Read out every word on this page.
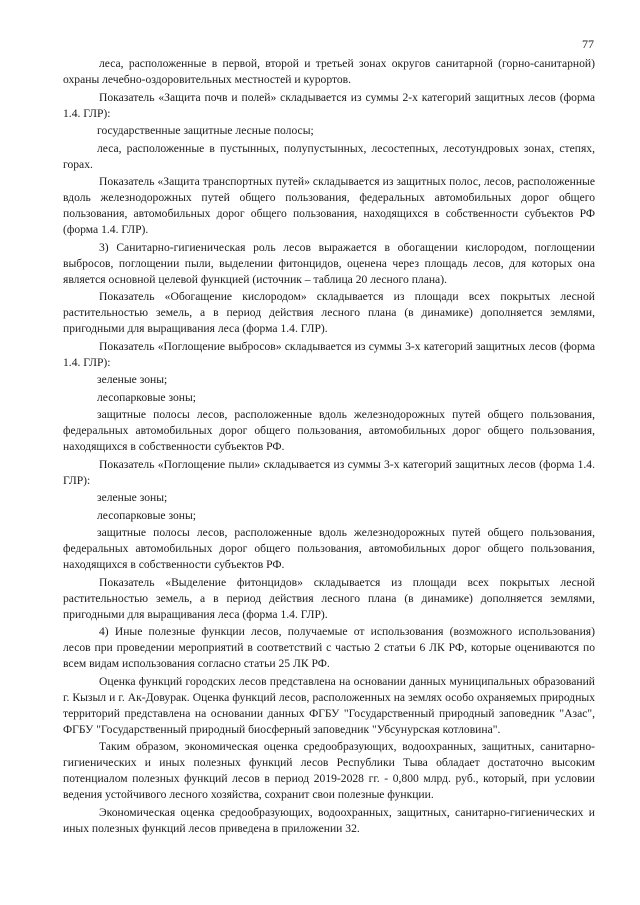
77

леса, расположенные в первой, второй и третьей зонах округов санитарной (горно-санитарной) охраны лечебно-оздоровительных местностей и курортов.

Показатель «Защита почв и полей» складывается из суммы 2-х категорий защитных лесов (форма 1.4. ГЛР):

государственные защитные лесные полосы;

леса, расположенные в пустынных, полупустынных, лесостепных, лесотундровых зонах, степях, горах.

Показатель «Защита транспортных путей» складывается из защитных полос, лесов, расположенные вдоль железнодорожных путей общего пользования, федеральных автомобильных дорог общего пользования, автомобильных дорог общего пользования, находящихся в собственности субъектов РФ (форма 1.4. ГЛР).

3) Санитарно-гигиеническая роль лесов выражается в обогащении кислородом, поглощении выбросов, поглощении пыли, выделении фитонцидов, оценена через площадь лесов, для которых она является основной целевой функцией (источник – таблица 20 лесного плана).

Показатель «Обогащение кислородом» складывается из площади всех покрытых лесной растительностью земель, а в период действия лесного плана (в динамике) дополняется землями, пригодными для выращивания леса (форма 1.4. ГЛР).

Показатель «Поглощение выбросов» складывается из суммы 3-х категорий защитных лесов (форма 1.4. ГЛР):

зеленые зоны;

лесопарковые зоны;

защитные полосы лесов, расположенные вдоль железнодорожных путей общего пользования, федеральных автомобильных дорог общего пользования, автомобильных дорог общего пользования, находящихся в собственности субъектов РФ.

Показатель «Поглощение пыли» складывается из суммы 3-х категорий защитных лесов (форма 1.4. ГЛР):

зеленые зоны;

лесопарковые зоны;

защитные полосы лесов, расположенные вдоль железнодорожных путей общего пользования, федеральных автомобильных дорог общего пользования, автомобильных дорог общего пользования, находящихся в собственности субъектов РФ.

Показатель «Выделение фитонцидов» складывается из площади всех покрытых лесной растительностью земель, а в период действия лесного плана (в динамике) дополняется землями, пригодными для выращивания леса (форма 1.4. ГЛР).

4) Иные полезные функции лесов, получаемые от использования (возможного использования) лесов при проведении мероприятий в соответствий с частью 2 статьи 6 ЛК РФ, которые оцениваются по всем видам использования согласно статьи 25 ЛК РФ.

Оценка функций городских лесов представлена на основании данных муниципальных образований г. Кызыл и г. Ак-Довурак. Оценка функций лесов, расположенных на землях особо охраняемых природных территорий представлена на основании данных ФГБУ "Государственный природный заповедник "Азас", ФГБУ "Государственный природный биосферный заповедник "Убсунурская котловина".

Таким образом, экономическая оценка средообразующих, водоохранных, защитных, санитарно-гигиенических и иных полезных функций лесов Республики Тыва обладает достаточно высоким потенциалом полезных функций лесов в период 2019-2028 гг. - 0,800 млрд. руб., который, при условии ведения устойчивого лесного хозяйства, сохранит свои полезные функции.

Экономическая оценка средообразующих, водоохранных, защитных, санитарно-гигиенических и иных полезных функций лесов приведена в приложении 32.
